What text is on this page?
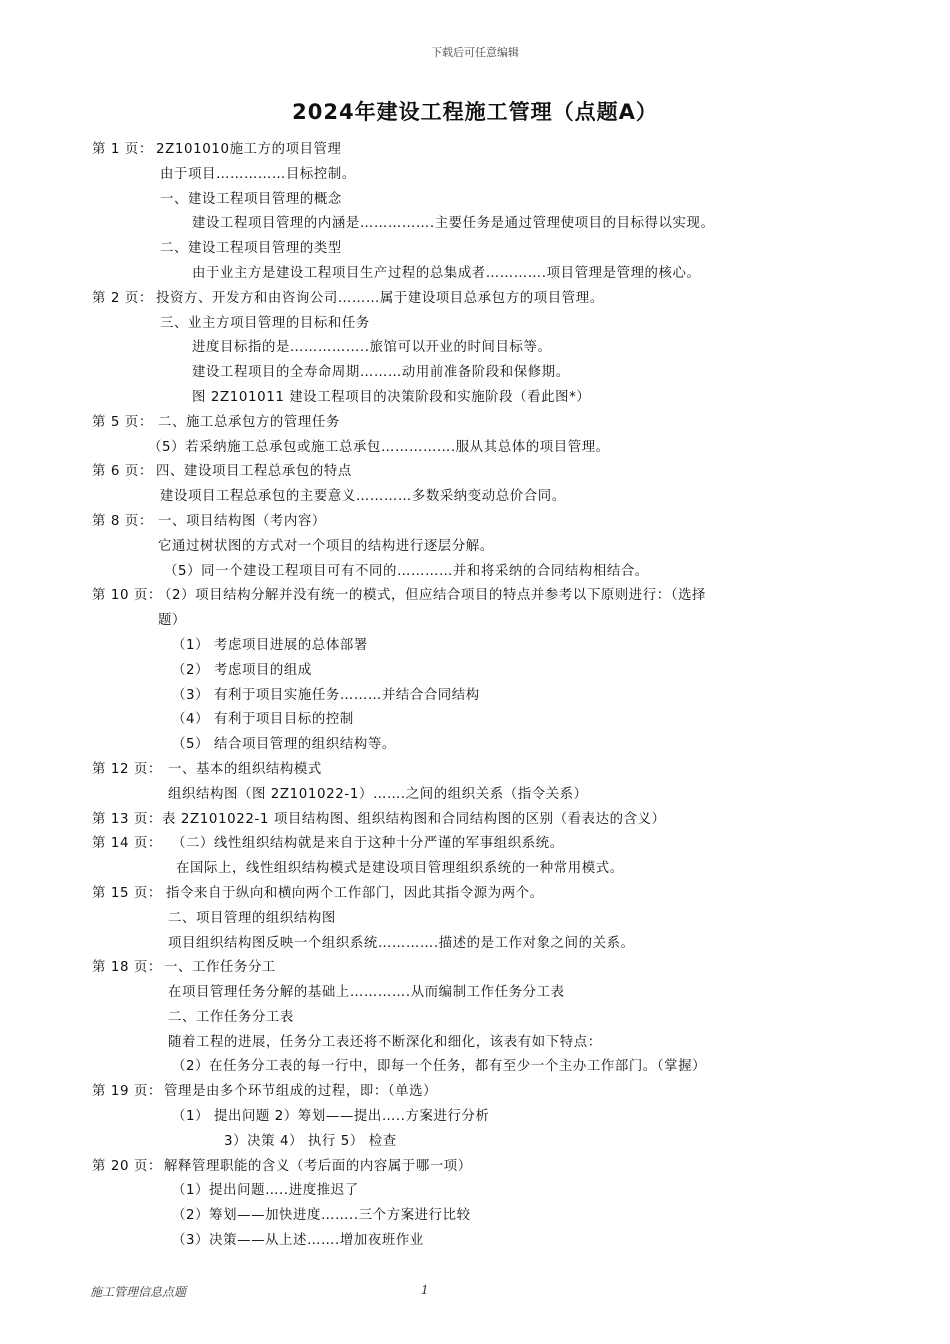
下载后可任意编辑
2024年建设工程施工管理（点题A）
第 1 页： 2Z101010施工方的项目管理
由于项目……………目标控制。
一、建设工程项目管理的概念
建设工程项目管理的内涵是…………….主要任务是通过管理使项目的目标得以实现。
二、建设工程项目管理的类型
由于业主方是建设工程项目生产过程的总集成者………….项目管理是管理的核心。
第 2 页： 投资方、开发方和由咨询公司………属于建设项目总承包方的项目管理。
三、业主方项目管理的目标和任务
进度目标指的是……………..旅馆可以开业的时间目标等。
建设工程项目的全寿命周期………动用前准备阶段和保修期。
图 2Z101011 建设工程项目的决策阶段和实施阶段（看此图*）
第 5 页： 二、施工总承包方的管理任务
（5）若采纳施工总承包或施工总承包…………….服从其总体的项目管理。
第 6 页： 四、建设项目工程总承包的特点
建设项目工程总承包的主要意义…………多数采纳变动总价合同。
第 8 页： 一、项目结构图（考内容）
它通过树状图的方式对一个项目的结构进行逐层分解。
（5）同一个建设工程项目可有不同的…………并和将采纳的合同结构相结合。
第 10 页：
（2）项目结构分解并没有统一的模式，但应结合项目的特点并参考以下原则进行：（选择
题）
（1） 考虑项目进展的总体部署
（2） 考虑项目的组成
（3） 有利于项目实施任务………并结合合同结构
（4） 有利于项目目标的控制
（5） 结合项目管理的组织结构等。
第 12 页： 一、基本的组织结构模式
组织结构图（图 2Z101022-1）…….之间的组织关系（指令关系）
第 13 页： 表 2Z101022-1 项目结构图、组织结构图和合同结构图的区别（看表达的含义）
第 14 页： （二）线性组织结构就是来自于这种十分严谨的军事组织系统。
在国际上，线性组织结构模式是建设项目管理组织系统的一种常用模式。
第 15 页： 指令来自于纵向和横向两个工作部门，因此其指令源为两个。
二、项目管理的组织结构图
项目组织结构图反映一个组织系统………….描述的是工作对象之间的关系。
第 18 页： 一、工作任务分工
在项目管理任务分解的基础上………….从而编制工作任务分工表
二、工作任务分工表
随着工程的进展，任务分工表还将不断深化和细化，该表有如下特点：
（2）在任务分工表的每一行中，即每一个任务，都有至少一个主办工作部门。（掌握）
第 19 页： 管理是由多个环节组成的过程，即：（单选）
（1） 提出问题 2）筹划——提出…..方案进行分析
3）决策 4） 执行 5） 检查
第 20 页： 解释管理职能的含义（考后面的内容属于哪一项）
（1）提出问题…..进度推迟了
（2）筹划——加快进度……..三个方案进行比较
（3）决策——从上述…….增加夜班作业
施工管理信息点题	1
